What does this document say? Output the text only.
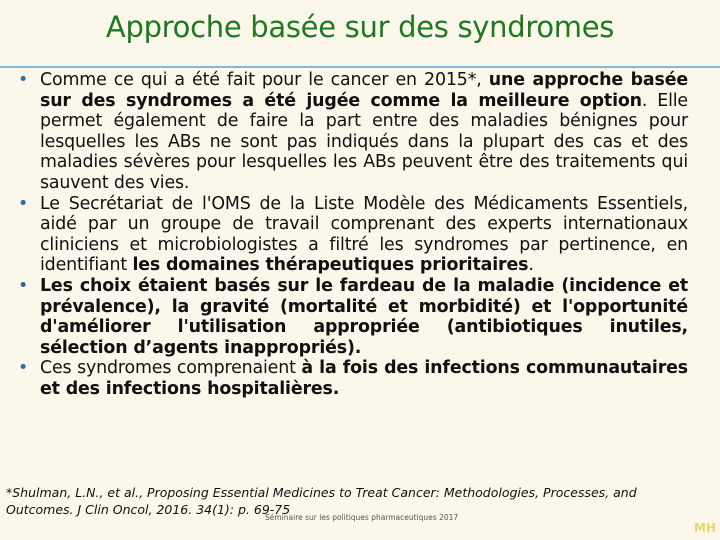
Approche basée sur des syndromes
• Comme ce qui a été fait pour le cancer en 2015*, une approche basée sur des syndromes a été jugée comme la meilleure option. Elle permet également de faire la part entre des maladies bénignes pour lesquelles les ABs ne sont pas indiqués dans la plupart des cas et des maladies sévères pour lesquelles les ABs peuvent être des traitements qui sauvent des vies.
• Le Secrétariat de l'OMS de la Liste Modèle des Médicaments Essentiels, aidé par un groupe de travail comprenant des experts internationaux cliniciens et microbiologistes a filtré les syndromes par pertinence, en identifiant les domaines thérapeutiques prioritaires.
• Les choix étaient basés sur le fardeau de la maladie (incidence et prévalence), la gravité (mortalité et morbidité) et l'opportunité d'améliorer l'utilisation appropriée (antibiotiques inutiles, sélection d’agents inappropriés).
• Ces syndromes comprenaient à la fois des infections communautaires et des infections hospitalières.
*Shulman, L.N., et al., Proposing Essential Medicines to Treat Cancer: Methodologies, Processes, and Outcomes. J Clin Oncol, 2016. 34(1): p. 69-75
Séminaire sur les politiques pharmaceutiques 2017
MH
